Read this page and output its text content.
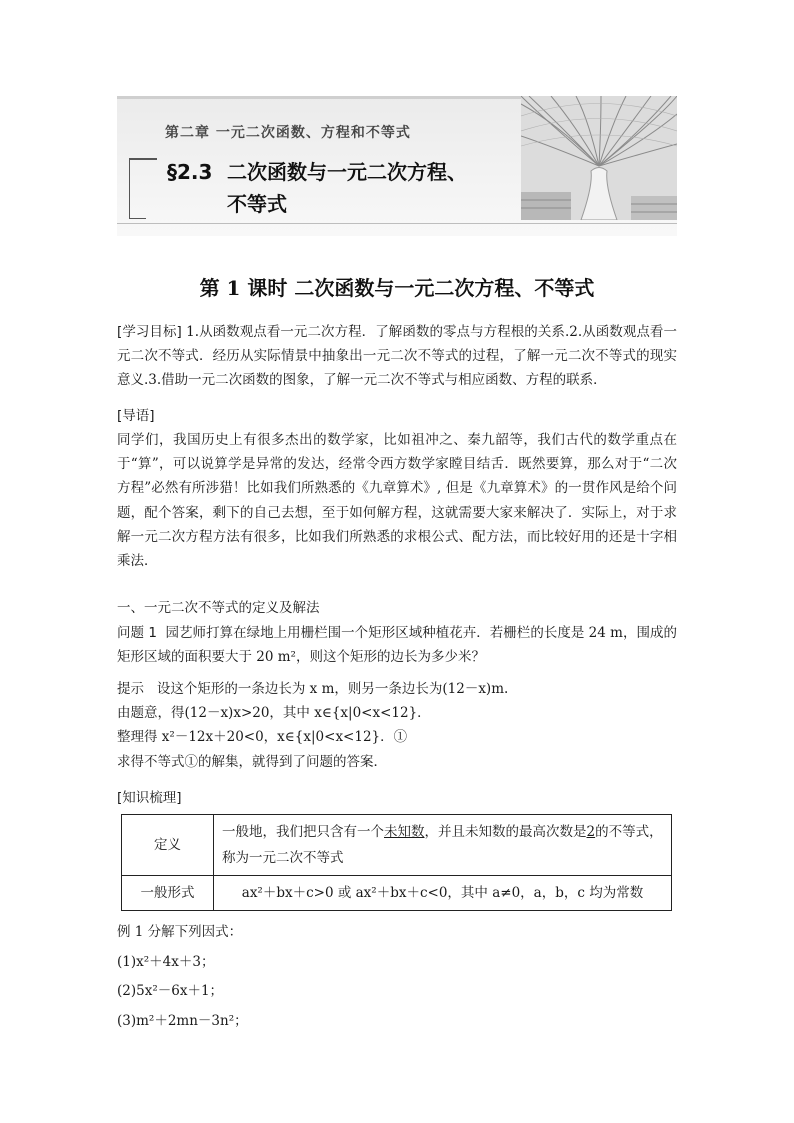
第二章 一元二次函数、方程和不等式
§2.3 二次函数与一元二次方程、
不等式
第 1 课时 二次函数与一元二次方程、不等式

[学习目标] 1.从函数观点看一元二次方程．了解函数的零点与方程根的关系.2.从函数观点看一元二次不等式．经历从实际情景中抽象出一元二次不等式的过程，了解一元二次不等式的现实意义.3.借助一元二次函数的图象，了解一元二次不等式与相应函数、方程的联系．

[导语]

同学们，我国历史上有很多杰出的数学家，比如祖冲之、秦九韶等，我们古代的数学重点在于“算”，可以说算学是异常的发达，经常令西方数学家瞠目结舌．既然要算，那么对于“二次方程”必然有所涉猎！比如我们所熟悉的《九章算术》, 但是《九章算术》的一贯作风是给个问题，配个答案，剩下的自己去想，至于如何解方程，这就需要大家来解决了．实际上，对于求解一元二次方程方法有很多，比如我们所熟悉的求根公式、配方法，而比较好用的还是十字相乘法．

一、一元二次不等式的定义及解法

问题 1 园艺师打算在绿地上用栅栏围一个矩形区域种植花卉．若栅栏的长度是 24 m，围成的矩形区域的面积要大于 20 m²，则这个矩形的边长为多少米？

提示 设这个矩形的一条边长为 x m，则另一条边长为(12－x)m.

由题意，得(12－x)x>20，其中 x∈{x|0<x<12}．

整理得 x²－12x＋20<0，x∈{x|0<x<12}．①

求得不等式①的解集，就得到了问题的答案．

[知识梳理]

定义	一般地，我们把只含有一个未知数，并且未知数的最高次数是2的不等式，称为一元二次不等式
一般形式	ax²＋bx＋c>0 或 ax²＋bx＋c<0，其中 a≠0，a，b，c 均为常数

例 1 分解下列因式：

(1)x²＋4x＋3；

(2)5x²－6x＋1；

(3)m²＋2mn－3n²；
